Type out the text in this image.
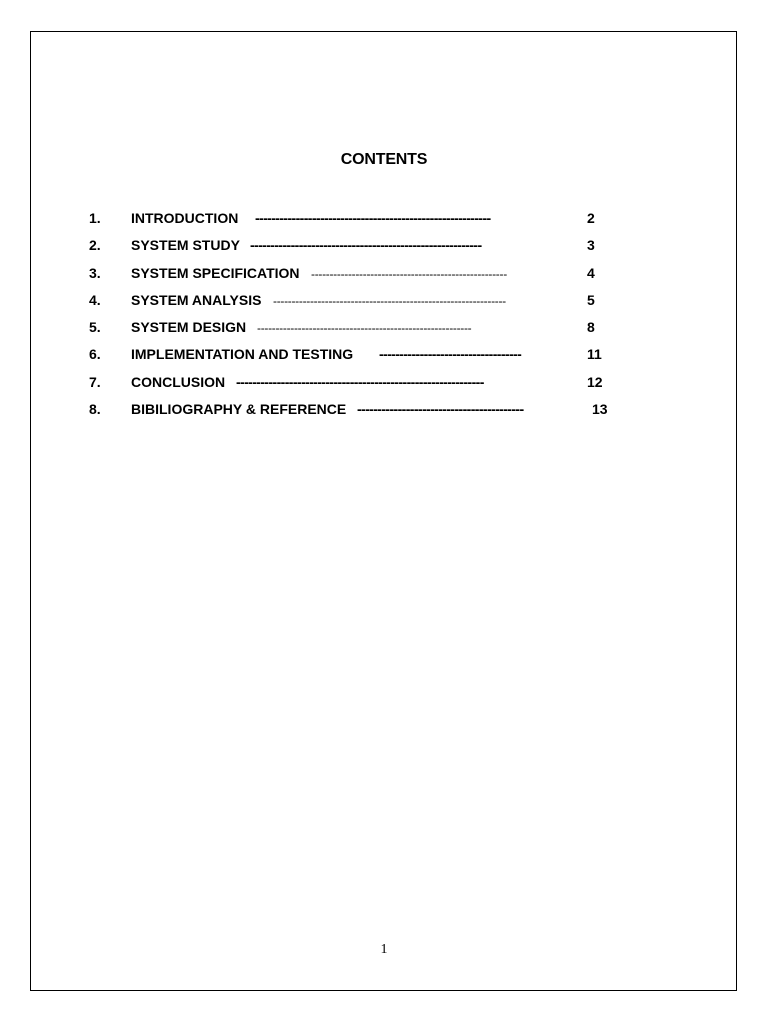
CONTENTS
1. INTRODUCTION ----------------------------------------------------------	2
2. SYSTEM STUDY ---------------------------------------------------------	3
3. SYSTEM SPECIFICATION -----------------------------------------------------	4
4. SYSTEM ANALYSIS ---------------------------------------------------------------	5
5. SYSTEM DESIGN ----------------------------------------------------------	8
6. IMPLEMENTATION AND TESTING -----------------------------------	11
7. CONCLUSION -------------------------------------------------------------	12
8. BIBILIOGRAPHY & REFERENCE -----------------------------------------	13
1
